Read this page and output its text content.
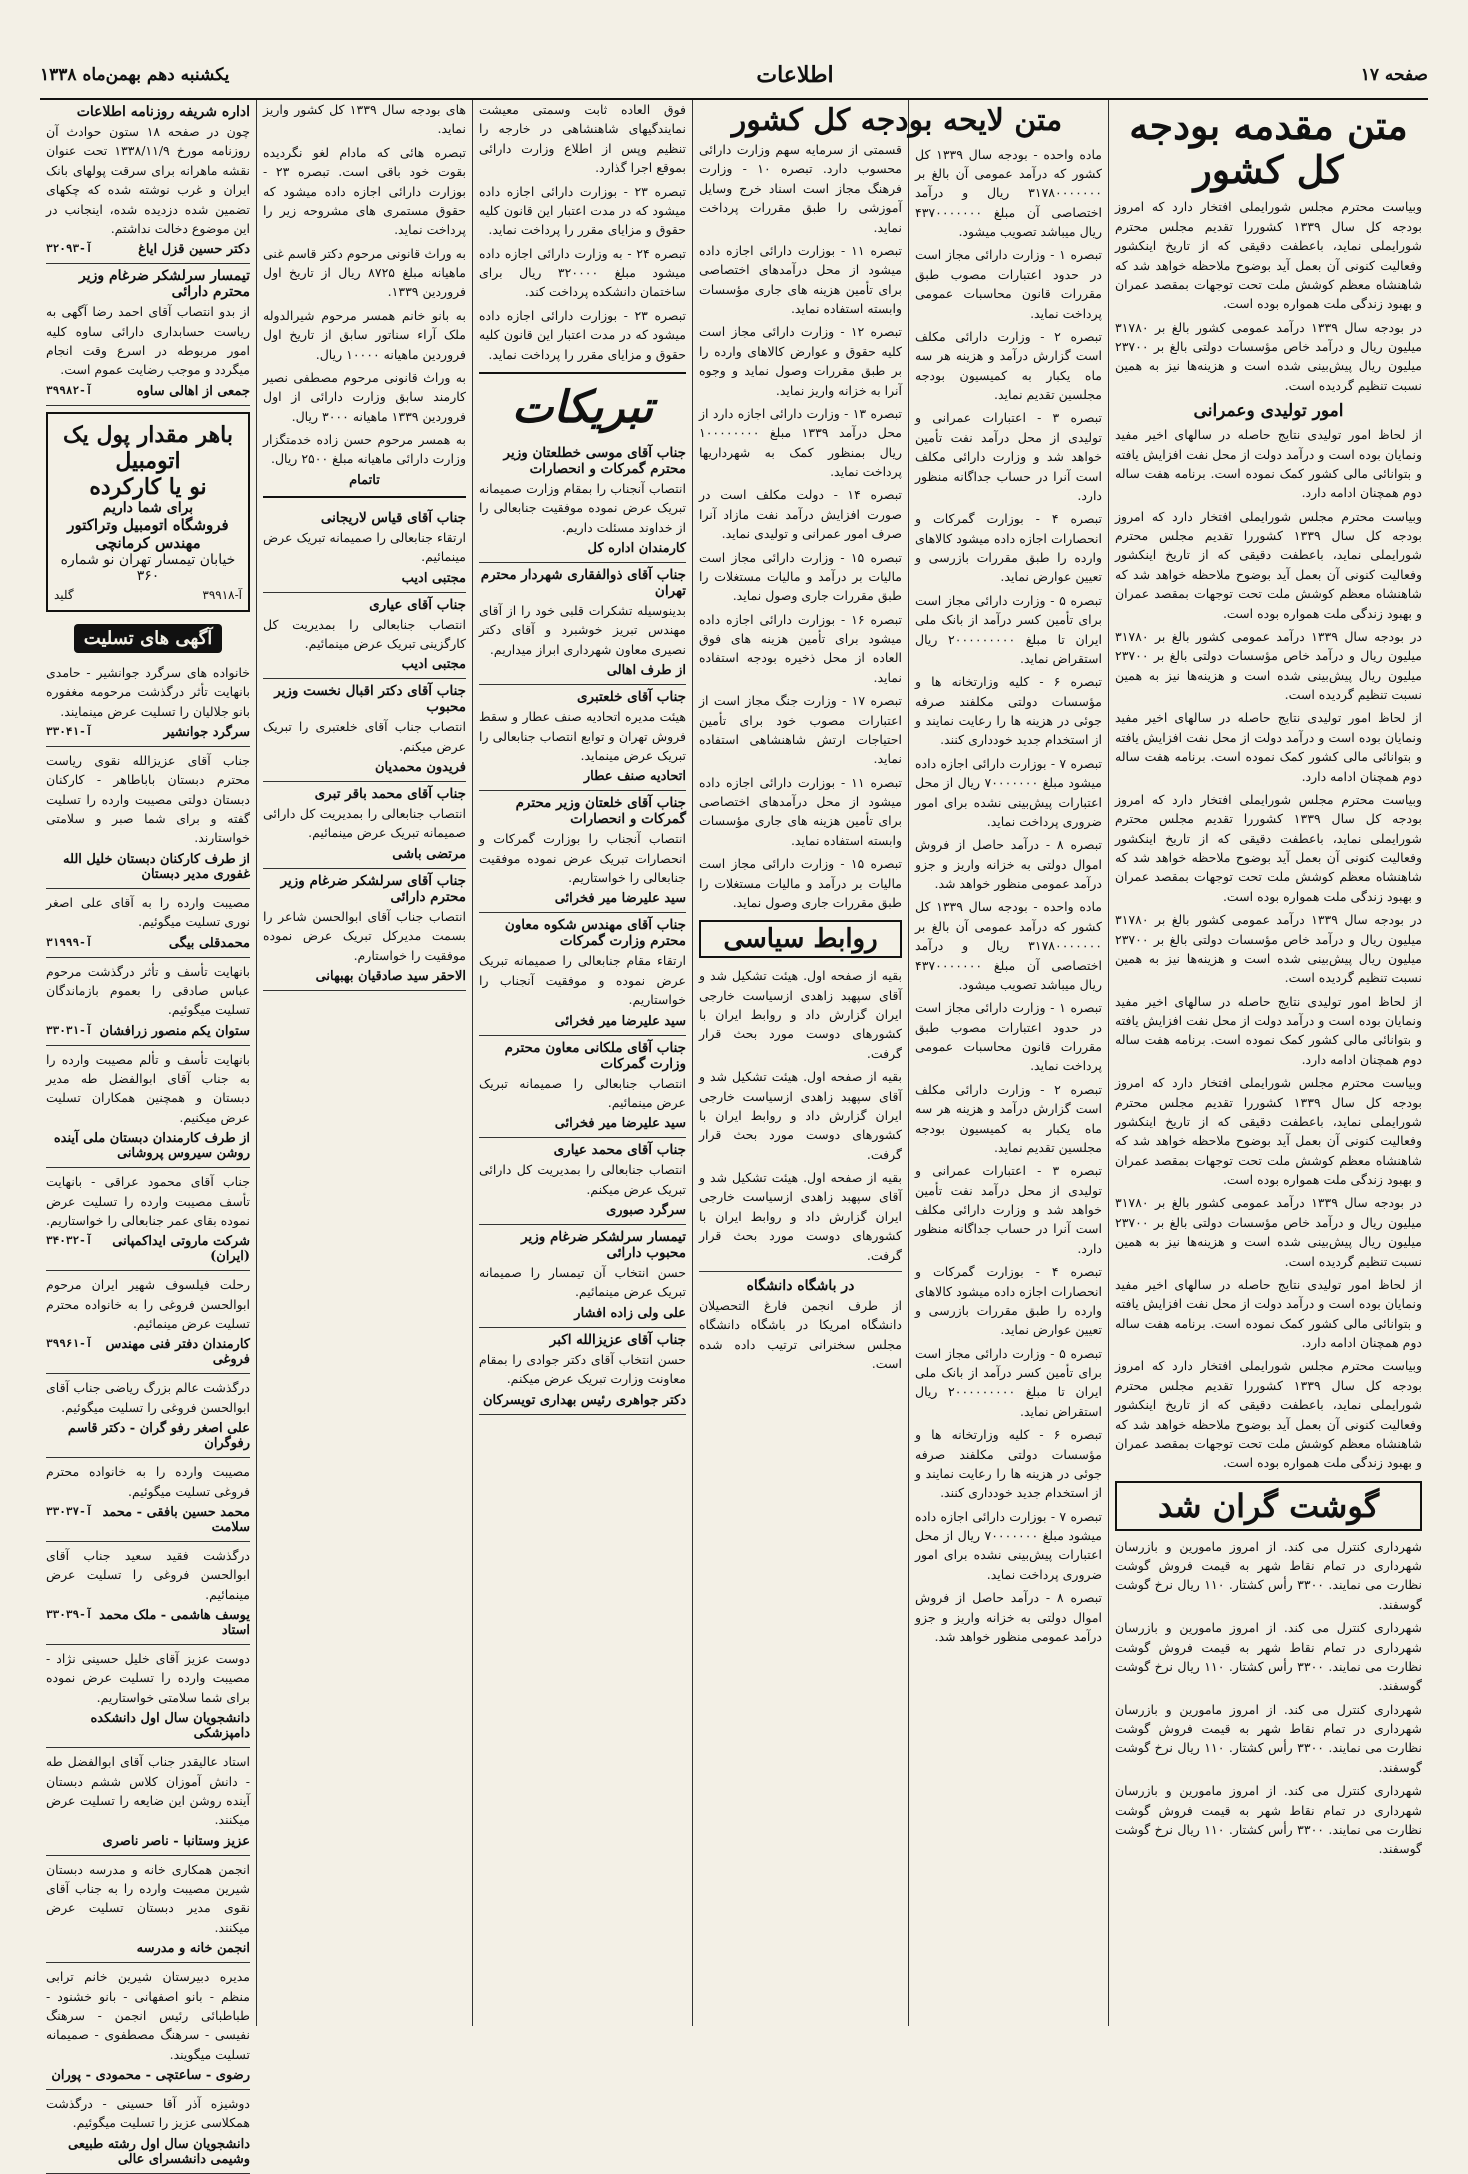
صفحه ۱۷
اطلاعات
یکشنبه دهم بهمن‌ماه ۱۳۳۸
متن مقدمه بودجه کل کشور

وبیاست محترم مجلس شورایملی افتخار دارد که امروز بودجه کل سال ۱۳۳۹ کشوررا تقدیم مجلس محترم شورایملی نماید، باعطفت دقیقی که از تاریخ اینکشور وفعالیت کنونی آن بعمل آید بوضوح ملاحظه خواهد شد که شاهنشاه معظم کوشش ملت تحت توجهات بمقصد عمران و بهبود زندگی ملت همواره بوده است.

در بودجه سال ۱۳۳۹ درآمد عمومی کشور بالغ بر ۳۱۷۸۰ میلیون ریال و درآمد خاص مؤسسات دولتی بالغ بر ۲۳۷۰۰ میلیون ریال پیش‌بینی شده است و هزینه‌ها نیز به همین نسبت تنظیم گردیده است.

امور تولیدی وعمرانی

از لحاظ امور تولیدی نتایج حاصله در سالهای اخیر مفید ونمایان بوده است و درآمد دولت از محل نفت افزایش یافته و بتوانائی مالی کشور کمک نموده است. برنامه هفت ساله دوم همچنان ادامه دارد.

وبیاست محترم مجلس شورایملی افتخار دارد که امروز بودجه کل سال ۱۳۳۹ کشوررا تقدیم مجلس محترم شورایملی نماید، باعطفت دقیقی که از تاریخ اینکشور وفعالیت کنونی آن بعمل آید بوضوح ملاحظه خواهد شد که شاهنشاه معظم کوشش ملت تحت توجهات بمقصد عمران و بهبود زندگی ملت همواره بوده است.

در بودجه سال ۱۳۳۹ درآمد عمومی کشور بالغ بر ۳۱۷۸۰ میلیون ریال و درآمد خاص مؤسسات دولتی بالغ بر ۲۳۷۰۰ میلیون ریال پیش‌بینی شده است و هزینه‌ها نیز به همین نسبت تنظیم گردیده است.

از لحاظ امور تولیدی نتایج حاصله در سالهای اخیر مفید ونمایان بوده است و درآمد دولت از محل نفت افزایش یافته و بتوانائی مالی کشور کمک نموده است. برنامه هفت ساله دوم همچنان ادامه دارد.

وبیاست محترم مجلس شورایملی افتخار دارد که امروز بودجه کل سال ۱۳۳۹ کشوررا تقدیم مجلس محترم شورایملی نماید، باعطفت دقیقی که از تاریخ اینکشور وفعالیت کنونی آن بعمل آید بوضوح ملاحظه خواهد شد که شاهنشاه معظم کوشش ملت تحت توجهات بمقصد عمران و بهبود زندگی ملت همواره بوده است.

در بودجه سال ۱۳۳۹ درآمد عمومی کشور بالغ بر ۳۱۷۸۰ میلیون ریال و درآمد خاص مؤسسات دولتی بالغ بر ۲۳۷۰۰ میلیون ریال پیش‌بینی شده است و هزینه‌ها نیز به همین نسبت تنظیم گردیده است.

از لحاظ امور تولیدی نتایج حاصله در سالهای اخیر مفید ونمایان بوده است و درآمد دولت از محل نفت افزایش یافته و بتوانائی مالی کشور کمک نموده است. برنامه هفت ساله دوم همچنان ادامه دارد.

وبیاست محترم مجلس شورایملی افتخار دارد که امروز بودجه کل سال ۱۳۳۹ کشوررا تقدیم مجلس محترم شورایملی نماید، باعطفت دقیقی که از تاریخ اینکشور وفعالیت کنونی آن بعمل آید بوضوح ملاحظه خواهد شد که شاهنشاه معظم کوشش ملت تحت توجهات بمقصد عمران و بهبود زندگی ملت همواره بوده است.

در بودجه سال ۱۳۳۹ درآمد عمومی کشور بالغ بر ۳۱۷۸۰ میلیون ریال و درآمد خاص مؤسسات دولتی بالغ بر ۲۳۷۰۰ میلیون ریال پیش‌بینی شده است و هزینه‌ها نیز به همین نسبت تنظیم گردیده است.

از لحاظ امور تولیدی نتایج حاصله در سالهای اخیر مفید ونمایان بوده است و درآمد دولت از محل نفت افزایش یافته و بتوانائی مالی کشور کمک نموده است. برنامه هفت ساله دوم همچنان ادامه دارد.

وبیاست محترم مجلس شورایملی افتخار دارد که امروز بودجه کل سال ۱۳۳۹ کشوررا تقدیم مجلس محترم شورایملی نماید، باعطفت دقیقی که از تاریخ اینکشور وفعالیت کنونی آن بعمل آید بوضوح ملاحظه خواهد شد که شاهنشاه معظم کوشش ملت تحت توجهات بمقصد عمران و بهبود زندگی ملت همواره بوده است.

گوشت گران شد

شهرداری کنترل می کند. از امروز مامورین و بازرسان شهرداری در تمام نقاط شهر به قیمت فروش گوشت نظارت می نمایند. ۳۳۰۰ رأس کشتار. ۱۱۰ ریال نرخ گوشت گوسفند.

شهرداری کنترل می کند. از امروز مامورین و بازرسان شهرداری در تمام نقاط شهر به قیمت فروش گوشت نظارت می نمایند. ۳۳۰۰ رأس کشتار. ۱۱۰ ریال نرخ گوشت گوسفند.

شهرداری کنترل می کند. از امروز مامورین و بازرسان شهرداری در تمام نقاط شهر به قیمت فروش گوشت نظارت می نمایند. ۳۳۰۰ رأس کشتار. ۱۱۰ ریال نرخ گوشت گوسفند.

شهرداری کنترل می کند. از امروز مامورین و بازرسان شهرداری در تمام نقاط شهر به قیمت فروش گوشت نظارت می نمایند. ۳۳۰۰ رأس کشتار. ۱۱۰ ریال نرخ گوشت گوسفند.

متن لایحه بودجه کل کشور

ماده واحده - بودجه سال ۱۳۳۹ کل کشور که درآمد عمومی آن بالغ بر ۳۱۷۸۰۰۰۰۰۰۰ ریال و درآمد اختصاصی آن مبلغ ۴۳۷۰۰۰۰۰۰۰ ریال میباشد تصویب میشود.

تبصره ۱ - وزارت دارائی مجاز است در حدود اعتبارات مصوب طبق مقررات قانون محاسبات عمومی پرداخت نماید.

تبصره ۲ - وزارت دارائی مکلف است گزارش درآمد و هزینه هر سه ماه یکبار به کمیسیون بودجه مجلسین تقدیم نماید.

تبصره ۳ - اعتبارات عمرانی و تولیدی از محل درآمد نفت تأمین خواهد شد و وزارت دارائی مکلف است آنرا در حساب جداگانه منظور دارد.

تبصره ۴ - بوزارت گمرکات و انحصارات اجازه داده میشود کالاهای وارده را طبق مقررات بازرسی و تعیین عوارض نماید.

تبصره ۵ - وزارت دارائی مجاز است برای تأمین کسر درآمد از بانک ملی ایران تا مبلغ ۲۰۰۰۰۰۰۰۰۰ ریال استقراض نماید.

تبصره ۶ - کلیه وزارتخانه ها و مؤسسات دولتی مکلفند صرفه جوئی در هزینه ها را رعایت نمایند و از استخدام جدید خودداری کنند.

تبصره ۷ - بوزارت دارائی اجازه داده میشود مبلغ ۷۰۰۰۰۰۰۰ ریال از محل اعتبارات پیش‌بینی نشده برای امور ضروری پرداخت نماید.

تبصره ۸ - درآمد حاصل از فروش اموال دولتی به خزانه واریز و جزو درآمد عمومی منظور خواهد شد.

ماده واحده - بودجه سال ۱۳۳۹ کل کشور که درآمد عمومی آن بالغ بر ۳۱۷۸۰۰۰۰۰۰۰ ریال و درآمد اختصاصی آن مبلغ ۴۳۷۰۰۰۰۰۰۰ ریال میباشد تصویب میشود.

تبصره ۱ - وزارت دارائی مجاز است در حدود اعتبارات مصوب طبق مقررات قانون محاسبات عمومی پرداخت نماید.

تبصره ۲ - وزارت دارائی مکلف است گزارش درآمد و هزینه هر سه ماه یکبار به کمیسیون بودجه مجلسین تقدیم نماید.

تبصره ۳ - اعتبارات عمرانی و تولیدی از محل درآمد نفت تأمین خواهد شد و وزارت دارائی مکلف است آنرا در حساب جداگانه منظور دارد.

تبصره ۴ - بوزارت گمرکات و انحصارات اجازه داده میشود کالاهای وارده را طبق مقررات بازرسی و تعیین عوارض نماید.

تبصره ۵ - وزارت دارائی مجاز است برای تأمین کسر درآمد از بانک ملی ایران تا مبلغ ۲۰۰۰۰۰۰۰۰۰ ریال استقراض نماید.

تبصره ۶ - کلیه وزارتخانه ها و مؤسسات دولتی مکلفند صرفه جوئی در هزینه ها را رعایت نمایند و از استخدام جدید خودداری کنند.

تبصره ۷ - بوزارت دارائی اجازه داده میشود مبلغ ۷۰۰۰۰۰۰۰ ریال از محل اعتبارات پیش‌بینی نشده برای امور ضروری پرداخت نماید.

تبصره ۸ - درآمد حاصل از فروش اموال دولتی به خزانه واریز و جزو درآمد عمومی منظور خواهد شد.

قسمتی از سرمایه سهم وزارت دارائی محسوب دارد. تبصره ۱۰ - وزارت فرهنگ مجاز است اسناد خرج وسایل آموزشی را طبق مقررات پرداخت نماید.

تبصره ۱۱ - بوزارت دارائی اجازه داده میشود از محل درآمدهای اختصاصی برای تأمین هزینه های جاری مؤسسات وابسته استفاده نماید.

تبصره ۱۲ - وزارت دارائی مجاز است کلیه حقوق و عوارض کالاهای وارده را بر طبق مقررات وصول نماید و وجوه آنرا به خزانه واریز نماید.

تبصره ۱۳ - وزارت دارائی اجازه دارد از محل درآمد ۱۳۳۹ مبلغ ۱۰۰۰۰۰۰۰۰ ریال بمنظور کمک به شهرداریها پرداخت نماید.

تبصره ۱۴ - دولت مکلف است در صورت افزایش درآمد نفت مازاد آنرا صرف امور عمرانی و تولیدی نماید.

تبصره ۱۵ - وزارت دارائی مجاز است مالیات بر درآمد و مالیات مستغلات را طبق مقررات جاری وصول نماید.

تبصره ۱۶ - بوزارت دارائی اجازه داده میشود برای تأمین هزینه های فوق العاده از محل ذخیره بودجه استفاده نماید.

تبصره ۱۷ - وزارت جنگ مجاز است از اعتبارات مصوب خود برای تأمین احتیاجات ارتش شاهنشاهی استفاده نماید.

تبصره ۱۱ - بوزارت دارائی اجازه داده میشود از محل درآمدهای اختصاصی برای تأمین هزینه های جاری مؤسسات وابسته استفاده نماید.

تبصره ۱۵ - وزارت دارائی مجاز است مالیات بر درآمد و مالیات مستغلات را طبق مقررات جاری وصول نماید.

روابط سیاسی

بقیه از صفحه اول. هیئت تشکیل شد و آقای سپهبد زاهدی ازسیاست خارجی ایران گزارش داد و روابط ایران با کشورهای دوست مورد بحث قرار گرفت.

بقیه از صفحه اول. هیئت تشکیل شد و آقای سپهبد زاهدی ازسیاست خارجی ایران گزارش داد و روابط ایران با کشورهای دوست مورد بحث قرار گرفت.

بقیه از صفحه اول. هیئت تشکیل شد و آقای سپهبد زاهدی ازسیاست خارجی ایران گزارش داد و روابط ایران با کشورهای دوست مورد بحث قرار گرفت.

در باشگاه دانشگاه

از طرف انجمن فارغ التحصیلان دانشگاه امریکا در باشگاه دانشگاه مجلس سخنرانی ترتیب داده شده است.

فوق العاده ثابت وسمتی معیشت نمایندگیهای شاهنشاهی در خارجه را تنظیم وپس از اطلاع وزارت دارائی بموقع اجرا گذارد.

تبصره ۲۳ - بوزارت دارائی اجازه داده میشود که در مدت اعتبار این قانون کلیه حقوق و مزایای مقرر را پرداخت نماید.

تبصره ۲۴ - به وزارت دارائی اجازه داده میشود مبلغ ۳۲۰۰۰۰ ریال برای ساختمان دانشکده پرداخت کند.

تبصره ۲۳ - بوزارت دارائی اجازه داده میشود که در مدت اعتبار این قانون کلیه حقوق و مزایای مقرر را پرداخت نماید.

تبریکات
جناب آقای موسی خطلعتان وزیر محترم گمرکات و انحصارات
انتصاب آنجناب را بمقام وزارت صمیمانه تبریک عرض نموده موفقیت جنابعالی را از خداوند مسئلت داریم.
کارمندان اداره کل
جناب آقای ذوالفقاری شهردار محترم تهران
بدینوسیله تشکرات قلبی خود را از آقای مهندس تبریز خوشبرد و آقای دکتر نصیری معاون شهرداری ابراز میداریم.
از طرف اهالی
جناب آقای خلعتبری
هیئت مدیره اتحادیه صنف عطار و سقط فروش تهران و توابع انتصاب جنابعالی را تبریک عرض مینماید.
اتحادیه صنف عطار
جناب آقای خلعتان وزیر محترم گمرکات و انحصارات
انتصاب آنجناب را بوزارت گمرکات و انحصارات تبریک عرض نموده موفقیت جنابعالی را خواستاریم.
سید علیرضا میر فخرائی
جناب آقای مهندس شکوه معاون محترم وزارت گمرکات
ارتقاء مقام جنابعالی را صمیمانه تبریک عرض نموده و موفقیت آنجناب را خواستاریم.
سید علیرضا میر فخرائی
جناب آقای ملکانی معاون محترم وزارت گمرکات
انتصاب جنابعالی را صمیمانه تبریک عرض مینمائیم.
سید علیرضا میر فخرائی
جناب آقای محمد عیاری
انتصاب جنابعالی را بمدیریت کل دارائی تبریک عرض میکنم.
سرگرد صبوری
تیمسار سرلشکر ضرغام وزیر محبوب دارائی
حسن انتخاب آن تیمسار را صمیمانه تبریک عرض مینمائیم.
علی ولی زاده افشار
جناب آقای عزیزالله اکبر
حسن انتخاب آقای دکتر جوادی را بمقام معاونت وزارت تبریک عرض میکنم.
دکتر جواهری رئیس بهداری تویسرکان

های بودجه سال ۱۳۳۹ کل کشور واریز نماید.

تبصره هائی که مادام لغو نگردیده بقوت خود باقی است. تبصره ۲۳ - بوزارت دارائی اجازه داده میشود که حقوق مستمری های مشروحه زیر را پرداخت نماید.

به وراث قانونی مرحوم دکتر قاسم غنی ماهیانه مبلغ ۸۷۲۵ ریال از تاریخ اول فروردین ۱۳۳۹.

به بانو خانم همسر مرحوم شیرالدوله ملک آراء سناتور سابق از تاریخ اول فروردین ماهیانه ۱۰۰۰۰ ریال.

به وراث قانونی مرحوم مصطفی نصیر کارمند سابق وزارت دارائی از اول فروردین ۱۳۳۹ ماهیانه ۳۰۰۰ ریال.

به همسر مرحوم حسن زاده خدمتگزار وزارت دارائی ماهیانه مبلغ ۲۵۰۰ ریال.

تاتمام
جناب آقای قیاس لاریجانی
ارتقاء جنابعالی را صمیمانه تبریک عرض مینمائیم.
مجتبی ادیب
جناب آقای عیاری
انتصاب جنابعالی را بمدیریت کل کارگزینی تبریک عرض مینمائیم.
مجتبی ادیب
جناب آقای دکتر اقبال نخست وزیر محبوب
انتصاب جناب آقای خلعتبری را تبریک عرض میکنم.
فریدون محمدیان
جناب آقای محمد باقر تبری
انتصاب جنابعالی را بمدیریت کل دارائی صمیمانه تبریک عرض مینمائیم.
مرتضی باشی
جناب آقای سرلشکر ضرغام وزیر محترم دارائی
انتصاب جناب آقای ابوالحسن شاعر را بسمت مدیرکل تبریک عرض نموده موفقیت را خواستارم.
الاحقر سید صادقیان بهبهانی
اداره شریفه روزنامه اطلاعات
چون در صفحه ۱۸ ستون حوادث آن روزنامه مورخ ۱۳۳۸/۱۱/۹ تحت عنوان نقشه ماهرانه برای سرقت پولهای بانک ایران و غرب نوشته شده که چکهای تضمین شده دزدیده شده، اینجانب در این موضوع دخالت نداشتم.
دکتر حسین قزل ایاغ
آ-۳۲۰۹۳
تیمسار سرلشکر ضرغام وزیر محترم دارائی
از بدو انتصاب آقای احمد رضا آگهی به ریاست حسابداری دارائی ساوه کلیه امور مربوطه در اسرع وقت انجام میگردد و موجب رضایت عموم است.
جمعی از اهالی ساوه
آ-۳۹۹۸۲
باهر مقدار پول یک اتومبیل
نو یا کارکرده
برای شما داریم
فروشگاه اتومبیل وتراکتور مهندس کرمانچی
خیابان تیمسار تهران نو شماره ۳۶۰
آ-۳۹۹۱۸
گلید
آگهی های تسلیت
خانواده های سرگرد جوانشیر - حامدی بانهایت تأثر درگذشت مرحومه مغفوره بانو جلالیان را تسلیت عرض مینمایند.
سرگرد جوانشیر
آ-۳۳۰۴۱
جناب آقای عزیزالله نقوی ریاست محترم دبستان باباطاهر - کارکنان دبستان دولتی مصیبت وارده را تسلیت گفته و برای شما صبر و سلامتی خواستارند.
از طرف کارکنان دبستان خلیل الله غفوری مدیر دبستان
مصیبت وارده را به آقای علی اصغر نوری تسلیت میگوئیم.
محمدقلی بیگی
آ-۳۱۹۹۹
بانهایت تأسف و تأثر درگذشت مرحوم عباس صادقی را بعموم بازماندگان تسلیت میگوئیم.
ستوان یکم منصور زرافشان
آ-۳۳۰۳۱
بانهایت تأسف و تألم مصیبت وارده را به جناب آقای ابوالفضل طه مدیر دبستان و همچنین همکاران تسلیت عرض میکنیم.
از طرف کارمندان دبستان ملی آینده روشن سیروس پروشانی
جناب آقای محمود عراقی - بانهایت تأسف مصیبت وارده را تسلیت عرض نموده بقای عمر جنابعالی را خواستاریم.
شرکت ماروتی ایداکمپانی (ایران)
آ-۳۴۰۳۲
رحلت فیلسوف شهیر ایران مرحوم ابوالحسن فروغی را به خانواده محترم تسلیت عرض مینمائیم.
کارمندان دفتر فنی مهندس فروغی
آ-۳۹۹۶۱
درگذشت عالم بزرگ ریاضی جناب آقای ابوالحسن فروغی را تسلیت میگوئیم.
علی اصغر رفو گران - دکتر قاسم رفوگران
مصیبت وارده را به خانواده محترم فروغی تسلیت میگوئیم.
محمد حسین بافقی - محمد سلامت
آ-۳۳۰۳۷
درگذشت فقید سعید جناب آقای ابوالحسن فروغی را تسلیت عرض مینمائیم.
یوسف هاشمی - ملک محمد استاد
آ-۳۳۰۳۹
دوست عزیز آقای خلیل حسینی نژاد - مصیبت وارده را تسلیت عرض نموده برای شما سلامتی خواستاریم.
دانشجویان سال اول دانشکده دامپزشکی
استاد عالیقدر جناب آقای ابوالفضل طه - دانش آموزان کلاس ششم دبستان آینده روشن این ضایعه را تسلیت عرض میکنند.
عزیز وستانبا - ناصر ناصری
انجمن همکاری خانه و مدرسه دبستان شیرین مصیبت وارده را به جناب آقای نقوی مدیر دبستان تسلیت عرض میکنند.
انجمن خانه و مدرسه
مدیره دبیرستان شیرین خانم ترابی منظم - بانو اصفهانی - بانو خشنود - طباطبائی رئیس انجمن - سرهنگ نفیسی - سرهنگ مصطفوی - صمیمانه تسلیت میگویند.
رضوی - ساعتچی - محمودی - پوران
دوشیزه آذر آقا حسینی - درگذشت همکلاسی عزیز را تسلیت میگوئیم.
دانشجویان سال اول رشته طبیعی وشیمی دانشسرای عالی
